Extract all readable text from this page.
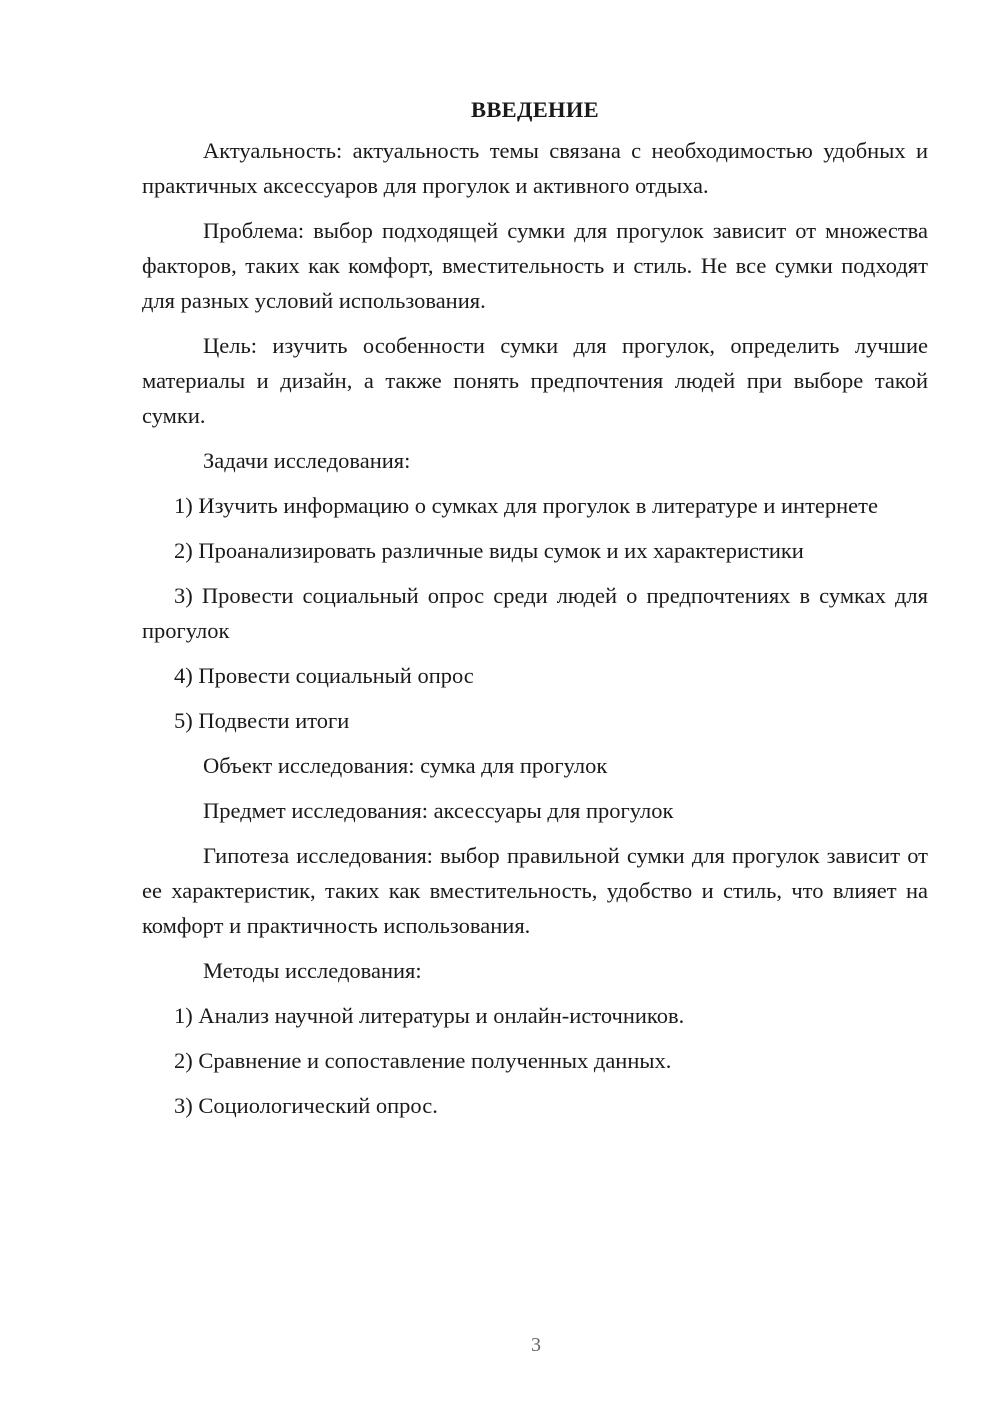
ВВЕДЕНИЕ

Актуальность: актуальность темы связана с необходимостью удобных и практичных аксессуаров для прогулок и активного отдыха.

Проблема: выбор подходящей сумки для прогулок зависит от множества факторов, таких как комфорт, вместительность и стиль. Не все сумки подходят для разных условий использования.

Цель: изучить особенности сумки для прогулок, определить лучшие материалы и дизайн, а также понять предпочтения людей при выборе такой сумки.

Задачи исследования:

1) Изучить информацию о сумках для прогулок в литературе и интернете

2) Проанализировать различные виды сумок и их характеристики

3) Провести социальный опрос среди людей о предпочтениях в сумках для прогулок

4) Провести социальный опрос

5) Подвести итоги

Объект исследования: сумка для прогулок

Предмет исследования: аксессуары для прогулок

Гипотеза исследования: выбор правильной сумки для прогулок зависит от ее характеристик, таких как вместительность, удобство и стиль, что влияет на комфорт и практичность использования.

Методы исследования:

1) Анализ научной литературы и онлайн-источников.

2) Сравнение и сопоставление полученных данных.

3) Социологический опрос.

3
